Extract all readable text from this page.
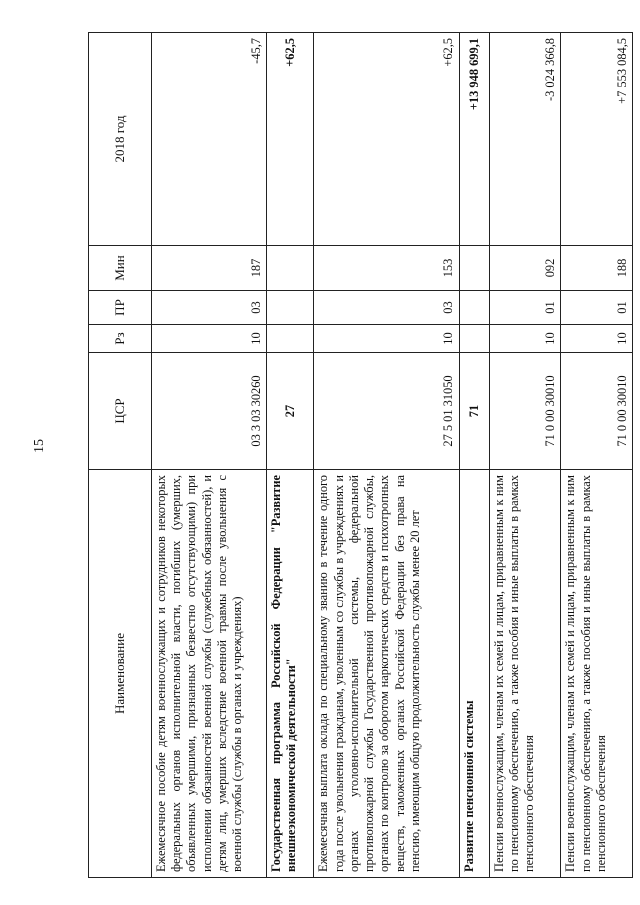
15
Наименование	ЦСР	Рз	ПР	Мин	2018 год
Ежемесячное пособие детям военнослужащих и сотрудников некоторых федеральных органов исполнительной власти, погибших (умерших, объявленных умершими, признанных безвестно отсутствующими) при исполнении обязанностей военной службы (служебных обязанностей), и детям лиц, умерших вследствие военной травмы после увольнения с военной службы (службы в органах и учреждениях)	03 3 03 30260	10	03	187	-45,7
Государственная программа Российской Федерации "Развитие внешнеэкономической деятельности"	27				+62,5
Ежемесячная выплата оклада по специальному званию в течение одного года после увольнения гражданам, уволенным со службы в учреждениях и органах уголовно-исполнительной системы, федеральной противопожарной службы Государственной противопожарной службы, органах по контролю за оборотом наркотических средств и психотропных веществ, таможенных органах Российской Федерации без права на пенсию, имеющим общую продолжительность службы менее 20 лет	27 5 01 31050	10	03	153	+62,5
Развитие пенсионной системы	71				+13 948 699,1
Пенсии военнослужащим, членам их семей и лицам, приравненным к ним по пенсионному обеспечению, а также пособия и иные выплаты в рамках пенсионного обеспечения	71 0 00 30010	10	01	092	-3 024 366,8
Пенсии военнослужащим, членам их семей и лицам, приравненным к ним по пенсионному обеспечению, а также пособия и иные выплаты в рамках пенсионного обеспечения	71 0 00 30010	10	01	188	+7 553 084,5
